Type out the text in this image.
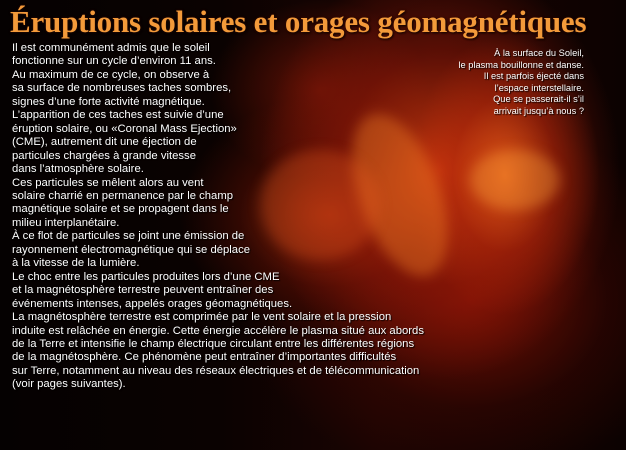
Éruptions solaires et orages géomagnétiques
À la surface du Soleil,
le plasma bouillonne et danse.
Il est parfois éjecté dans
l’espace interstellaire.
Que se passerait-il s’il
arrivait jusqu’à nous ?
Il est communément admis que le soleil
fonctionne sur un cycle d’environ 11 ans.
Au maximum de ce cycle, on observe à
sa surface de nombreuses taches sombres,
signes d’une forte activité magnétique.
L’apparition de ces taches est suivie d’une
éruption solaire, ou «Coronal Mass Ejection»
(CME), autrement dit une éjection de
particules chargées à grande vitesse
dans l’atmosphère solaire.
Ces particules se mêlent alors au vent
solaire charrié en permanence par le champ
magnétique solaire et se propagent dans le
milieu interplanétaire.
À ce flot de particules se joint une émission de
rayonnement électromagnétique qui se déplace
à la vitesse de la lumière.
Le choc entre les particules produites lors d’une CME
et la magnétosphère terrestre peuvent entraîner des
événements intenses, appelés orages géomagnétiques.
La magnétosphère terrestre est comprimée par le vent solaire et la pression
induite est relâchée en énergie. Cette énergie accélère le plasma situé aux abords
de la Terre et intensifie le champ électrique circulant entre les différentes régions
de la magnétosphère. Ce phénomène peut entraîner d’importantes difficultés
sur Terre, notamment au niveau des réseaux électriques et de télécommunication
(voir pages suivantes).
